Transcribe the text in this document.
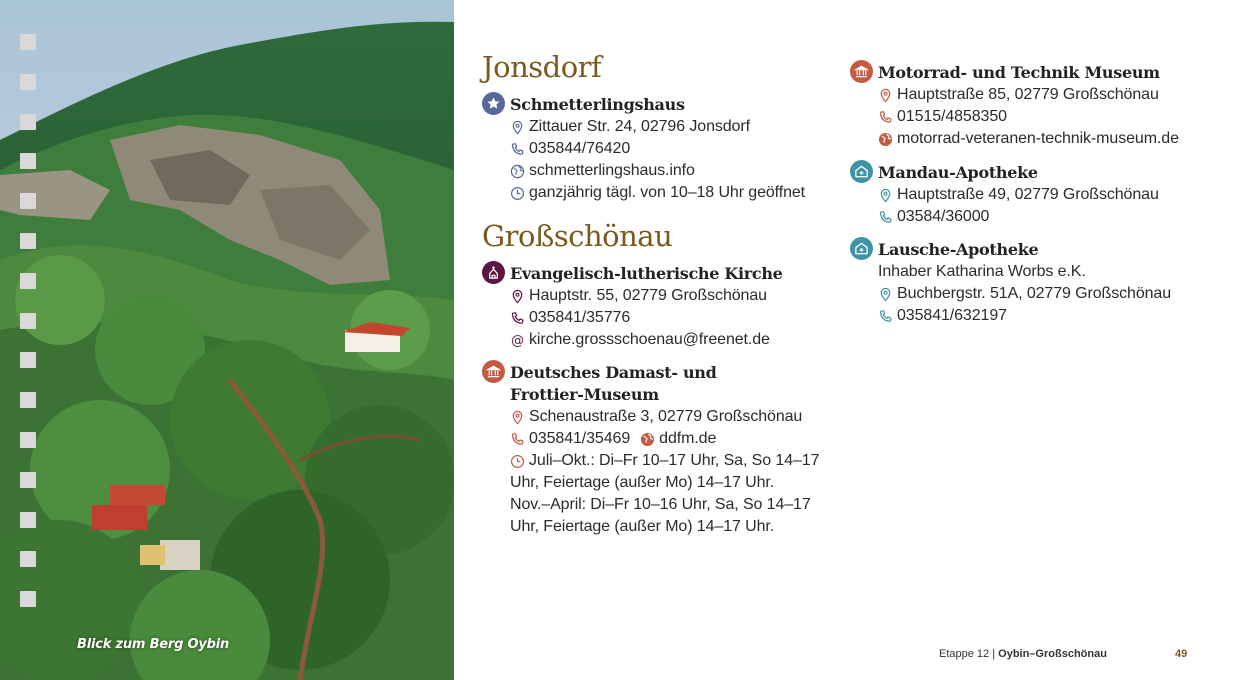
Blick zum Berg Oybin
Jonsdorf
Schmetterlingshaus
Zittauer Str. 24, 02796 Jonsdorf
035844/76420
schmetterlingshaus.info
ganzjährig tägl. von 10–18 Uhr geöffnet
Großschönau
Evangelisch-lutherische Kirche
Hauptstr. 55, 02779 Großschönau
035841/35776
kirche.grossschoenau@freenet.de
Deutsches Damast- und
Frottier-Museum
Schenaustraße 3, 02779 Großschönau
035841/35469 ddfm.de
Juli–Okt.: Di–Fr 10–17 Uhr, Sa, So 14–17
Uhr, Feiertage (außer Mo) 14–17 Uhr.
Nov.–April: Di–Fr 10–16 Uhr, Sa, So 14–17
Uhr, Feiertage (außer Mo) 14–17 Uhr.
Motorrad- und Technik Museum
Hauptstraße 85, 02779 Großschönau
01515/4858350
motorrad-veteranen-technik-museum.de
Mandau-Apotheke
Hauptstraße 49, 02779 Großschönau
03584/36000
Lausche-Apotheke
Inhaber Katharina Worbs e.K.
Buchbergstr. 51A, 02779 Großschönau
035841/632197
Etappe 12 | Oybin–Großschönau	49
